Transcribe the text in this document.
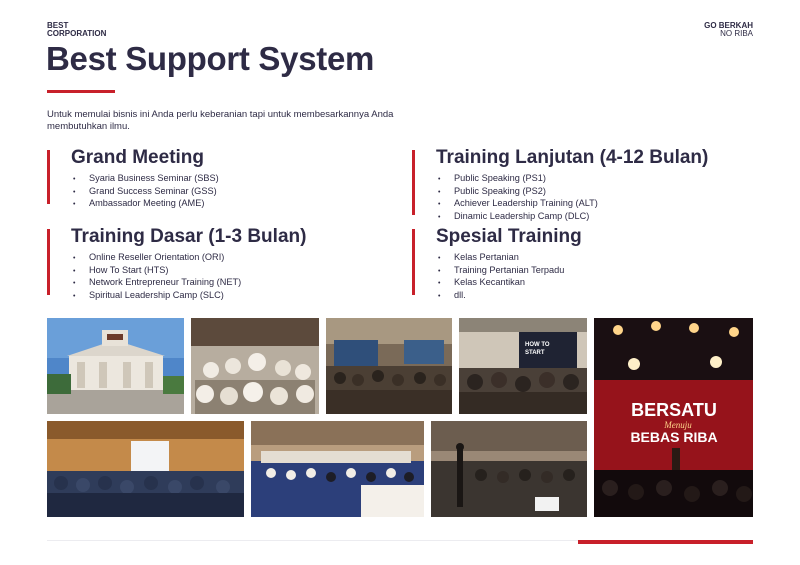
BEST
CORPORATION
GO BERKAH
NO RIBA
Best Support System
Untuk memulai bisnis ini Anda perlu keberanian tapi untuk membesarkannya Anda membutuhkan ilmu.
Grand Meeting
• Syaria Business Seminar (SBS)
• Grand Success Seminar (GSS)
• Ambassador Meeting (AME)
Training Lanjutan (4-12 Bulan)
• Public Speaking (PS1)
• Public Speaking (PS2)
• Achiever Leadership Training (ALT)
• Dinamic Leadership Camp (DLC)
Training Dasar (1-3 Bulan)
• Online Reseller Orientation (ORI)
• How To Start (HTS)
• Network Entrepreneur Training (NET)
• Spiritual Leadership Camp (SLC)
Spesial Training
• Kelas Pertanian
• Training Pertanian Terpadu
• Kelas Kecantikan
• dll.
HOW TO
START
BERSATU
Menuju
BEBAS RIBA
